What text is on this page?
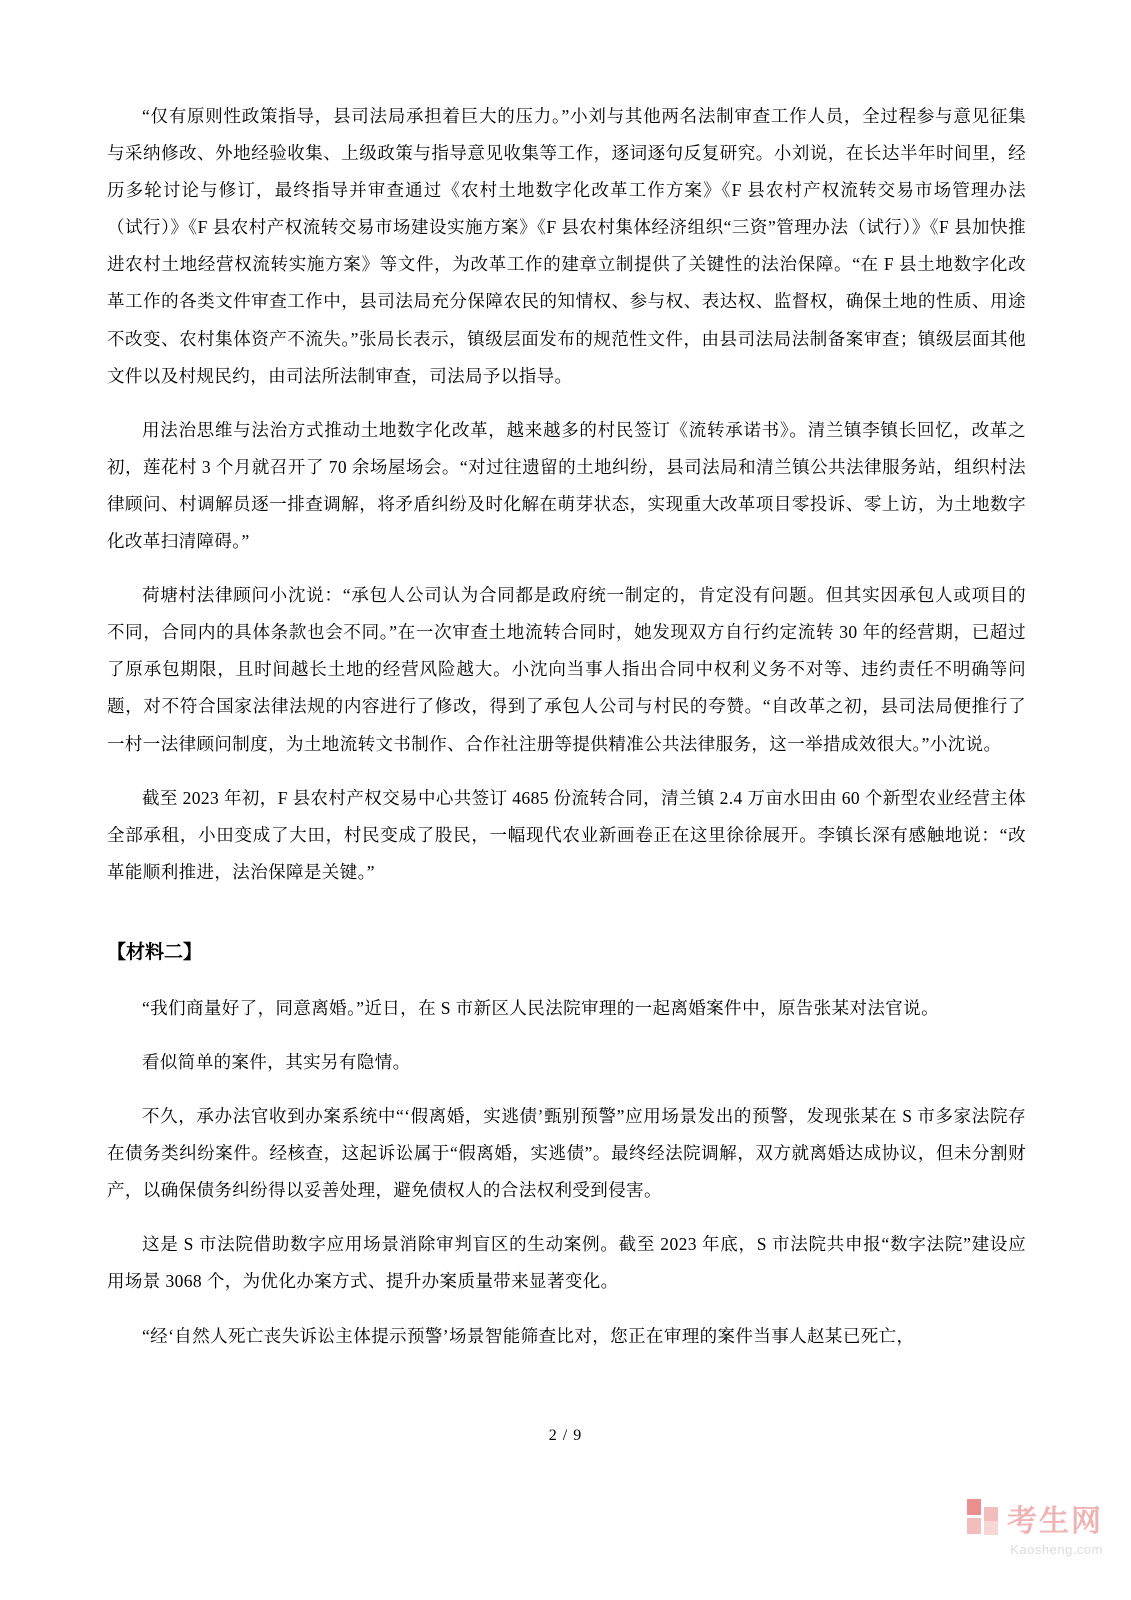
“仅有原则性政策指导，县司法局承担着巨大的压力。”小刘与其他两名法制审查工作人员，全过程参与意见征集与采纳修改、外地经验收集、上级政策与指导意见收集等工作，逐词逐句反复研究。小刘说，在长达半年时间里，经历多轮讨论与修订，最终指导并审查通过《农村土地数字化改革工作方案》《F 县农村产权流转交易市场管理办法（试行）》《F 县农村产权流转交易市场建设实施方案》《F 县农村集体经济组织“三资”管理办法（试行）》《F 县加快推进农村土地经营权流转实施方案》等文件，为改革工作的建章立制提供了关键性的法治保障。“在 F 县土地数字化改革工作的各类文件审查工作中，县司法局充分保障农民的知情权、参与权、表达权、监督权，确保土地的性质、用途不改变、农村集体资产不流失。”张局长表示，镇级层面发布的规范性文件，由县司法局法制备案审查；镇级层面其他文件以及村规民约，由司法所法制审查，司法局予以指导。

用法治思维与法治方式推动土地数字化改革，越来越多的村民签订《流转承诺书》。清兰镇李镇长回忆，改革之初，莲花村 3 个月就召开了 70 余场屋场会。“对过往遗留的土地纠纷，县司法局和清兰镇公共法律服务站，组织村法律顾问、村调解员逐一排查调解，将矛盾纠纷及时化解在萌芽状态，实现重大改革项目零投诉、零上访，为土地数字化改革扫清障碍。”

荷塘村法律顾问小沈说：“承包人公司认为合同都是政府统一制定的，肯定没有问题。但其实因承包人或项目的不同，合同内的具体条款也会不同。”在一次审查土地流转合同时，她发现双方自行约定流转 30 年的经营期，已超过了原承包期限，且时间越长土地的经营风险越大。小沈向当事人指出合同中权利义务不对等、违约责任不明确等问题，对不符合国家法律法规的内容进行了修改，得到了承包人公司与村民的夸赞。“自改革之初，县司法局便推行了一村一法律顾问制度，为土地流转文书制作、合作社注册等提供精准公共法律服务，这一举措成效很大。”小沈说。

截至 2023 年初，F 县农村产权交易中心共签订 4685 份流转合同，清兰镇 2.4 万亩水田由 60 个新型农业经营主体全部承租，小田变成了大田，村民变成了股民，一幅现代农业新画卷正在这里徐徐展开。李镇长深有感触地说：“改革能顺利推进，法治保障是关键。”

【材料二】

“我们商量好了，同意离婚。”近日，在 S 市新区人民法院审理的一起离婚案件中，原告张某对法官说。

看似简单的案件，其实另有隐情。

不久，承办法官收到办案系统中“‘假离婚，实逃债’甄别预警”应用场景发出的预警，发现张某在 S 市多家法院存在债务类纠纷案件。经核查，这起诉讼属于“假离婚，实逃债”。最终经法院调解，双方就离婚达成协议，但未分割财产，以确保债务纠纷得以妥善处理，避免债权人的合法权利受到侵害。

这是 S 市法院借助数字应用场景消除审判盲区的生动案例。截至 2023 年底，S 市法院共申报“数字法院”建设应用场景 3068 个，为优化办案方式、提升办案质量带来显著变化。

“经‘自然人死亡丧失诉讼主体提示预警’场景智能筛查比对，您正在审理的案件当事人赵某已死亡，

2 / 9
考生网
Kaosheng.com
